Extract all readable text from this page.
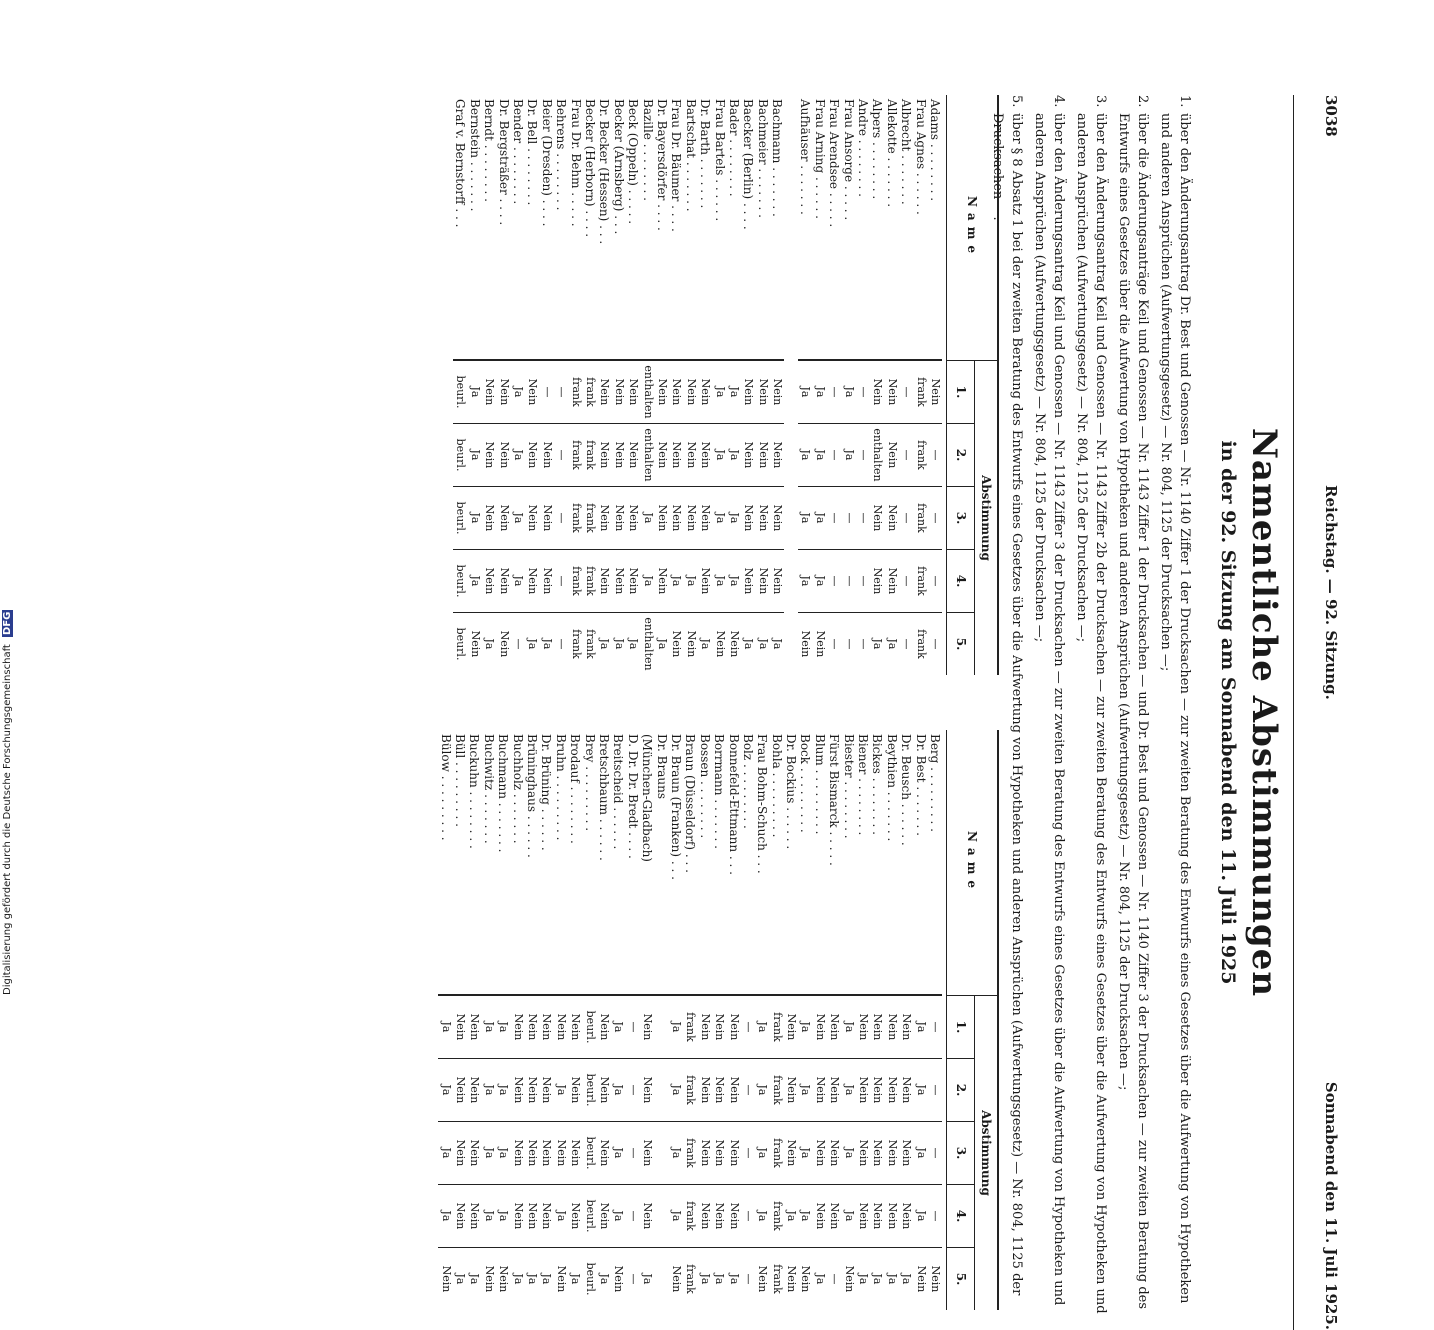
Digitalisierung gefördert durch die Deutsche Forschungsgemeinschaft DFG
3038
Reichstag. — 92. Sitzung.
Sonnabend den 11. Juli 1925.
Namentliche Abstimmungen
in der 92. Sitzung am Sonnabend den 11. Juli 1925
1.
über den Änderungsantrag Dr. Best und Genossen — Nr. 1140 Ziffer 1 der Drucksachen — zur zweiten Beratung des Entwurfs eines Gesetzes über die Aufwertung von Hypotheken und anderen Ansprüchen (Aufwertungsgesetz) — Nr. 804, 1125 der Drucksachen —;
2.
über die Änderungsanträge Keil und Genossen — Nr. 1143 Ziffer 1 der Drucksachen — und Dr. Best und Genossen — Nr. 1140 Ziffer 3 der Drucksachen — zur zweiten Beratung des Entwurfs eines Gesetzes über die Aufwertung von Hypotheken und anderen Ansprüchen (Aufwertungsgesetz) — Nr. 804, 1125 der Drucksachen —;
3.
über den Änderungsantrag Keil und Genossen — Nr. 1143 Ziffer 2b der Drucksachen — zur zweiten Beratung des Entwurfs eines Gesetzes über die Aufwertung von Hypotheken und anderen Ansprüchen (Aufwertungsgesetz) — Nr. 804, 1125 der Drucksachen —;
4.
über den Änderungsantrag Keil und Genossen — Nr. 1143 Ziffer 3 der Drucksachen — zur zweiten Beratung des Entwurfs eines Gesetzes über die Aufwertung von Hypotheken und anderen Ansprüchen (Aufwertungsgesetz) — Nr. 804, 1125 der Drucksachen —;
5.
über § 8 Absatz 1 bei der zweiten Beratung des Entwurfs eines Gesetzes über die Aufwertung von Hypotheken und anderen Ansprüchen (Aufwertungsgesetz) — Nr. 804, 1125 der Drucksachen —.
Name
Abstimmung
1.
2.
3.
4.
5.
Adams . . . . . . . .
Nein
—
—
—
—
Frau Agnes . . . . . .
frank
frank
frank
frank
frank
Albrecht . . . . . . .
—
—
—
—
—
Allekotte . . . . . . .
Nein
Nein
Nein
Nein
Ja
Alpers . . . . . . . .
Nein
enthalten
Nein
Nein
Ja
Andre . . . . . . . .
—
—
—
—
—
Frau Ansorge . . . . .
Ja
Ja
—
—
—
Frau Arendsee . . . . .
—
—
—
—
—
Frau Arning . . . . . .
Ja
Ja
Ja
Ja
Nein
Aufhäuser . . . . . . .
Ja
Ja
Ja
Ja
Nein
Bachmann . . . . . . .
Nein
Nein
Nein
Nein
Ja
Bachmeier . . . . . . .
Nein
Nein
Nein
Nein
Ja
Baecker (Berlin) . . . .
Nein
Nein
Nein
Nein
Ja
Bader . . . . . . . .
Ja
Ja
Ja
Ja
Nein
Frau Bartels . . . . . .
Ja
Ja
Ja
Ja
Nein
Dr. Barth . . . . . . .
Nein
Nein
Nein
Nein
Ja
Bartschat . . . . . . .
Nein
Nein
Nein
Ja
Nein
Frau Dr. Bäumer . . . .
Nein
Nein
Nein
Ja
Nein
Dr. Bayersdörfer . . . .
Nein
Nein
Nein
Nein
Ja
Bazille . . . . . . . .
enthalten
enthalten
Ja
Ja
enthalten
Beck (Oppeln) . . . . .
Nein
Nein
Nein
Nein
Ja
Becker (Arnsberg) . . .
Nein
Nein
Nein
Nein
Ja
Dr. Becker (Hessen) . . .
Nein
Nein
Nein
Nein
Ja
Becker (Herborn) . . . .
frank
frank
frank
frank
frank
Frau Dr. Behm . . . . .
frank
frank
frank
frank
frank
Behrens . . . . . . . .
—
—
—
—
—
Beier (Dresden) . . . .
—
Nein
Nein
Nein
Ja
Dr. Bell . . . . . . . .
Nein
Nein
Nein
Nein
Ja
Bender . . . . . . . .
Ja
Ja
Ja
Ja
—
Dr. Bergsträßer . . . .
Nein
Nein
Nein
Nein
Nein
Berndt . . . . . . . .
Nein
Nein
Nein
Nein
Ja
Bernstein . . . . . . .
Ja
Ja
Ja
Ja
Nein
Graf v. Bernstorff . . .
beurl.
beurl.
beurl.
beurl.
beurl.
Name
Abstimmung
1.
2.
3.
4.
5.
Berg . . . . . . . . .
—
—
—
—
Nein
Dr. Best . . . . . . .
Ja
Ja
Ja
Ja
Nein
Dr. Beusch . . . . . .
Nein
Nein
Nein
Nein
Ja
Beythien . . . . . . .
Nein
Nein
Nein
Nein
Ja
Bickes . . . . . . . .
Nein
Nein
Nein
Nein
Ja
Biener . . . . . . . .
Nein
Nein
Nein
Nein
Ja
Biester . . . . . . . .
Ja
Ja
Ja
Ja
Nein
Fürst Bismarck . . . . .
Nein
Nein
Nein
Nein
—
Blum . . . . . . . . .
Nein
Nein
Nein
Nein
Ja
Bock . . . . . . . . .
Ja
Ja
Ja
Ja
Nein
Dr. Bockius . . . . . .
Nein
Nein
Nein
Ja
Nein
Bohla . . . . . . . . .
frank
frank
frank
frank
frank
Frau Bohm-Schuch . . .
Ja
Ja
Ja
Ja
Nein
Bolz . . . . . . . . .
—
—
—
—
—
Bonnefeld-Ettmann . . .
Nein
Nein
Nein
Nein
Ja
Borrmann . . . . . . .
Nein
Nein
Nein
Nein
Ja
Bossen . . . . . . . .
Nein
Nein
Nein
Nein
Ja
Braun (Düsseldorf) . . .
frank
frank
frank
frank
frank
Dr. Braun (Franken) . . .
Ja
Ja
Ja
Ja
Nein
Dr. Brauns
(München-Gladbach)
Nein
Nein
Nein
Nein
Ja
D. Dr. Dr. Bredt . . . .
—
—
—
—
—
Breitscheid . . . . . .
Ja
Ja
Ja
Ja
Nein
Bretschbaum . . . . . .
Nein
Nein
Nein
Nein
Ja
Brey . . . . . . . . .
beurl.
beurl.
beurl.
beurl.
beurl.
Brodauf . . . . . . . .
Nein
Nein
Nein
Nein
Ja
Bruhn . . . . . . . . .
Nein
Ja
Nein
Ja
Nein
Dr. Brüning . . . . . .
Nein
Nein
Nein
Nein
Ja
Brüninghaus . . . . . .
Nein
Nein
Nein
Nein
Ja
Buchholz . . . . . . .
Nein
Nein
Nein
Nein
Ja
Buchmann . . . . . . .
Ja
Ja
Ja
Ja
Nein
Buchwitz . . . . . . .
Ja
Ja
Ja
Ja
Nein
Buckuhn . . . . . . . .
Nein
Nein
Nein
Nein
Ja
Büll . . . . . . . . .
Nein
Nein
Nein
Nein
Ja
Bülow . . . . . . . . .
Ja
Ja
Ja
Ja
Nein
